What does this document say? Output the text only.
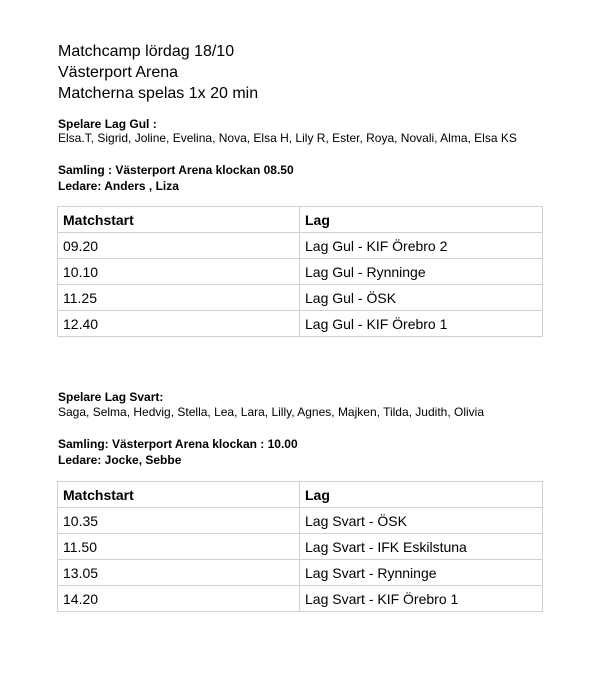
Matchcamp lördag 18/10
Västerport Arena
Matcherna spelas 1x 20 min
Spelare Lag Gul :
Elsa.T, Sigrid, Joline, Evelina, Nova, Elsa H, Lily R, Ester, Roya, Novali, Alma, Elsa KS
Samling : Västerport Arena klockan 08.50
Ledare: Anders , Liza
Matchstart	Lag
09.20	Lag Gul - KIF Örebro 2
10.10	Lag Gul - Rynninge
11.25	Lag Gul - ÖSK
12.40	Lag Gul - KIF Örebro 1
Spelare Lag Svart:
Saga, Selma, Hedvig, Stella, Lea, Lara, Lilly, Agnes, Majken, Tilda, Judith, Olivia
Samling: Västerport Arena klockan : 10.00
Ledare: Jocke, Sebbe
Matchstart	Lag
10.35	Lag Svart - ÖSK
11.50	Lag Svart - IFK Eskilstuna
13.05	Lag Svart - Rynninge
14.20	Lag Svart - KIF Örebro 1
